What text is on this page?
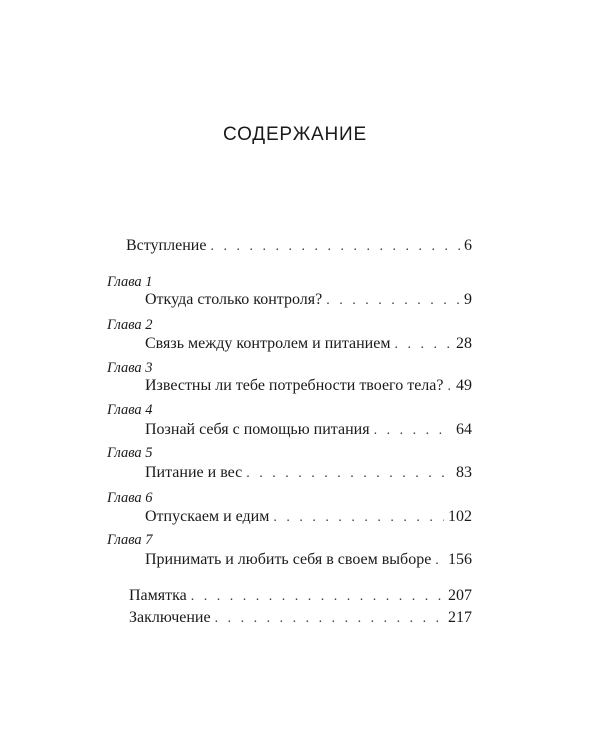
СОДЕРЖАНИЕ
Вступление . . .	6
Глава 1
Откуда столько контроля? . . .	9
Глава 2
Связь между контролем и питанием . . .	28
Глава 3
Известны ли тебе потребности твоего тела? . . . 49
Глава 4
Познай себя с помощью питания . . .	64
Глава 5
Питание и вес . . .	83
Глава 6
Отпускаем и едим . . .	102
Глава 7
Принимать и любить себя в своем выборе . . . 156
Памятка . . .	207
Заключение . . .	217
